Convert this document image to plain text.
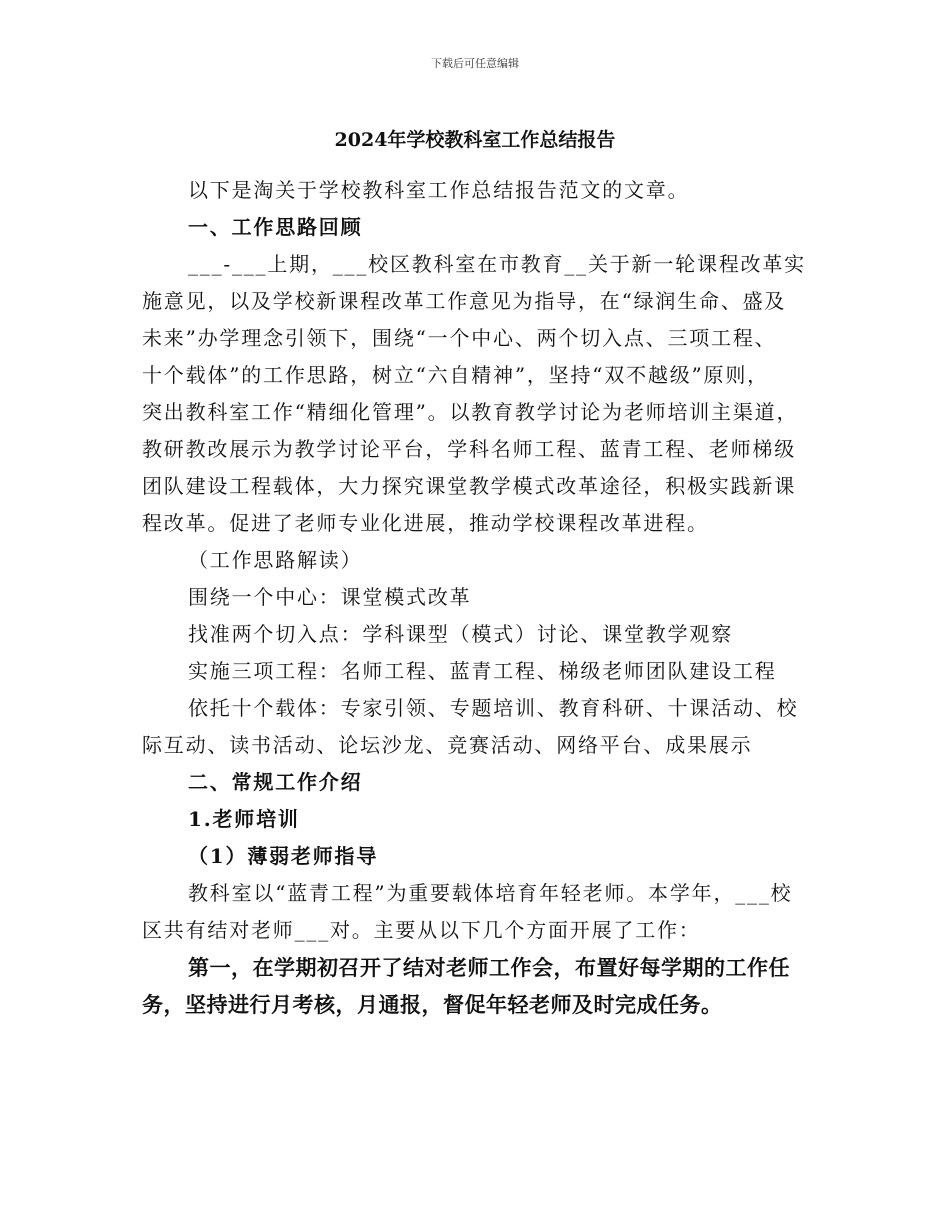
下载后可任意编辑
2024年学校教科室工作总结报告

以下是淘关于学校教科室工作总结报告范文的文章。

一、工作思路回顾

___-___上期，___校区教科室在市教育__关于新一轮课程改革实

施意见，以及学校新课程改革工作意见为指导，在“绿润生命、盛及

未来”办学理念引领下，围绕“一个中心、两个切入点、三项工程、

十个载体”的工作思路，树立“六自精神”，坚持“双不越级”原则，

突出教科室工作“精细化管理”。以教育教学讨论为老师培训主渠道，

教研教改展示为教学讨论平台，学科名师工程、蓝青工程、老师梯级

团队建设工程载体，大力探究课堂教学模式改革途径，积极实践新课

程改革。促进了老师专业化进展，推动学校课程改革进程。

（工作思路解读）

围绕一个中心：课堂模式改革

找准两个切入点：学科课型（模式）讨论、课堂教学观察

实施三项工程：名师工程、蓝青工程、梯级老师团队建设工程

依托十个载体：专家引领、专题培训、教育科研、十课活动、校

际互动、读书活动、论坛沙龙、竞赛活动、网络平台、成果展示

二、常规工作介绍

1.老师培训

（1）薄弱老师指导

教科室以“蓝青工程”为重要载体培育年轻老师。本学年，___校

区共有结对老师___对。主要从以下几个方面开展了工作：

第一，在学期初召开了结对老师工作会，布置好每学期的工作任

务，坚持进行月考核，月通报，督促年轻老师及时完成任务。
